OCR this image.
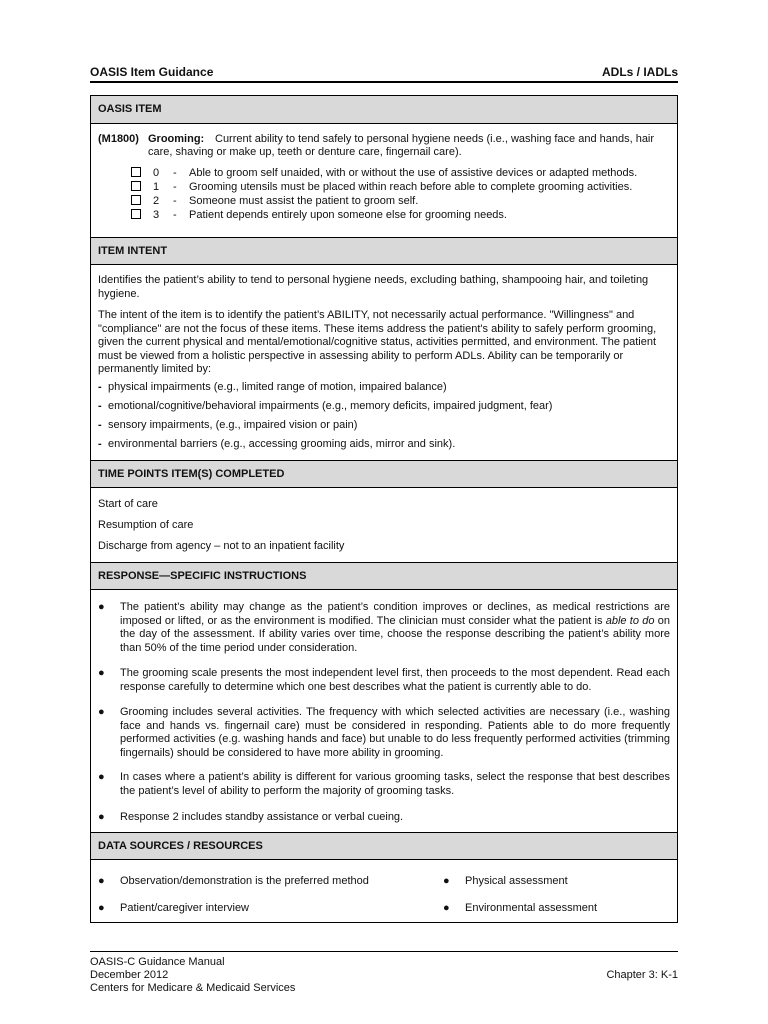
OASIS Item Guidance	ADLs / IADLs
OASIS ITEM
(M1800) Grooming: Current ability to tend safely to personal hygiene needs (i.e., washing face and hands, hair
care, shaving or make up, teeth or denture care, fingernail care).
0 - Able to groom self unaided, with or without the use of assistive devices or adapted methods.
1 - Grooming utensils must be placed within reach before able to complete grooming activities.
2 - Someone must assist the patient to groom self.
3 - Patient depends entirely upon someone else for grooming needs.
ITEM INTENT
Identifies the patient’s ability to tend to personal hygiene needs, excluding bathing, shampooing hair, and toileting hygiene.
The intent of the item is to identify the patient’s ABILITY, not necessarily actual performance. "Willingness" and "compliance" are not the focus of these items. These items address the patient's ability to safely perform grooming, given the current physical and mental/emotional/cognitive status, activities permitted, and environment. The patient must be viewed from a holistic perspective in assessing ability to perform ADLs. Ability can be temporarily or permanently limited by:
- physical impairments (e.g., limited range of motion, impaired balance)
- emotional/cognitive/behavioral impairments (e.g., memory deficits, impaired judgment, fear)
- sensory impairments, (e.g., impaired vision or pain)
- environmental barriers (e.g., accessing grooming aids, mirror and sink).
TIME POINTS ITEM(S) COMPLETED
Start of care
Resumption of care
Discharge from agency – not to an inpatient facility
RESPONSE—SPECIFIC INSTRUCTIONS
● The patient’s ability may change as the patient’s condition improves or declines, as medical restrictions are imposed or lifted, or as the environment is modified. The clinician must consider what the patient is able to do on the day of the assessment. If ability varies over time, choose the response describing the patient’s ability more than 50% of the time period under consideration.
● The grooming scale presents the most independent level first, then proceeds to the most dependent. Read each response carefully to determine which one best describes what the patient is currently able to do.
● Grooming includes several activities. The frequency with which selected activities are necessary (i.e., washing face and hands vs. fingernail care) must be considered in responding. Patients able to do more frequently performed activities (e.g. washing hands and face) but unable to do less frequently performed activities (trimming fingernails) should be considered to have more ability in grooming.
● In cases where a patient’s ability is different for various grooming tasks, select the response that best describes the patient’s level of ability to perform the majority of grooming tasks.
● Response 2 includes standby assistance or verbal cueing.
DATA SOURCES / RESOURCES
● Observation/demonstration is the preferred method	● Physical assessment
● Patient/caregiver interview	● Environmental assessment
OASIS-C Guidance Manual
December 2012
Centers for Medicare & Medicaid Services
Chapter 3: K-1
